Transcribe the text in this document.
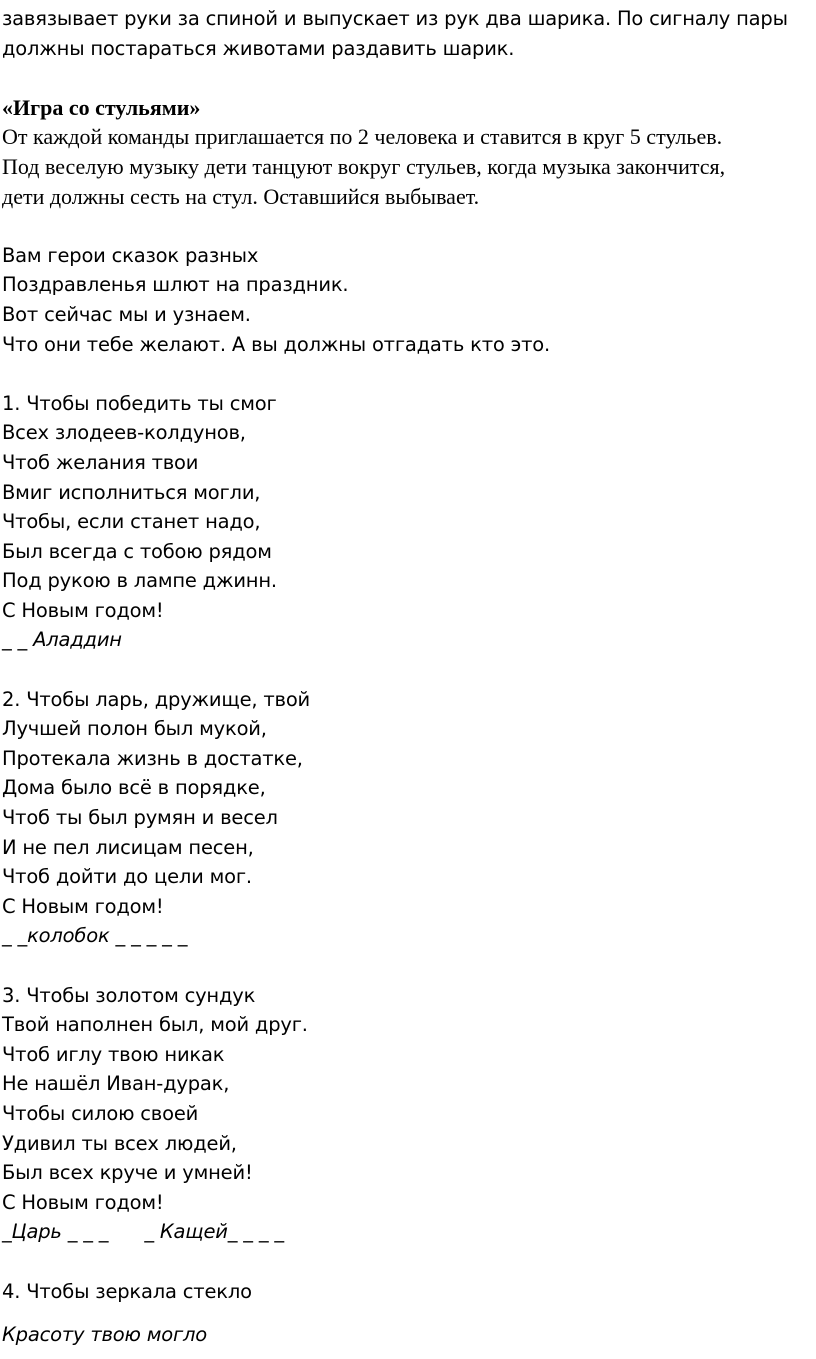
завязывает руки за спиной и выпускает из рук два шарика. По сигналу пары
должны постараться животами раздавить шарик.
«Игра со стульями»
От каждой команды приглашается по 2 человека и ставится в круг 5 стульев.
Под веселую музыку дети танцуют вокруг стульев, когда музыка закончится,
дети должны сесть на стул. Оставшийся выбывает.
Вам герои сказок разных
Поздравленья шлют на праздник.
Вот сейчас мы и узнаем.
Что они тебе желают. А вы должны отгадать кто это.
1. Чтобы победить ты смог
Всех злодеев-колдунов,
Чтоб желания твои
Вмиг исполниться могли,
Чтобы, если станет надо,
Был всегда с тобою рядом
Под рукою в лампе джинн.
С Новым годом!
_ _ Аладдин
2. Чтобы ларь, дружище, твой
Лучшей полон был мукой,
Протекала жизнь в достатке,
Дома было всё в порядке,
Чтоб ты был румян и весел
И не пел лисицам песен,
Чтоб дойти до цели мог.
С Новым годом!
_ _колобок _ _ _ _ _
3. Чтобы золотом сундук
Твой наполнен был, мой друг.
Чтоб иглу твою никак
Не нашёл Иван-дурак,
Чтобы силою своей
Удивил ты всех людей,
Был всех круче и умней!
С Новым годом!
_Царь _ _ _      _ Кащей_ _ _ _
4. Чтобы зеркала стекло
Красоту твою могло
